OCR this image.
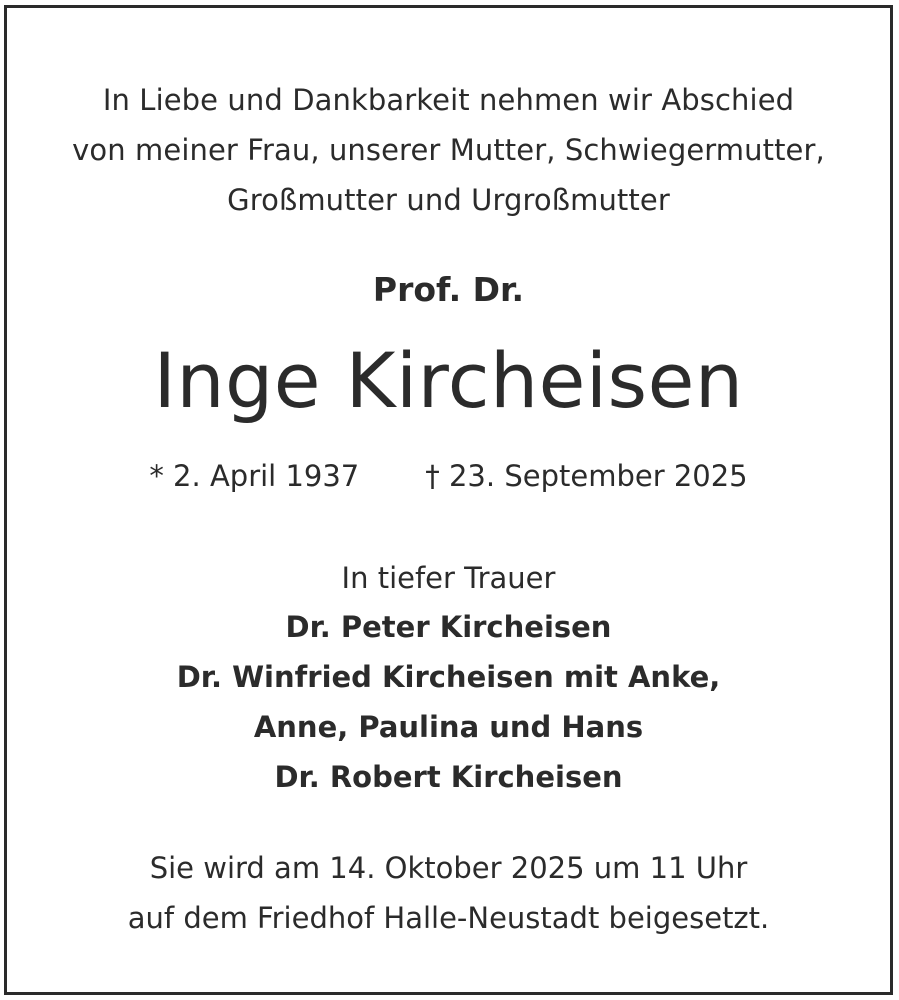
In Liebe und Dankbarkeit nehmen wir Abschied
von meiner Frau, unserer Mutter, Schwiegermutter,
Großmutter und Urgroßmutter
Prof. Dr.
Inge Kircheisen
* 2. April 1937 † 23. September 2025
In tiefer Trauer
Dr. Peter Kircheisen
Dr. Winfried Kircheisen mit Anke,
Anne, Paulina und Hans
Dr. Robert Kircheisen
Sie wird am 14. Oktober 2025 um 11 Uhr
auf dem Friedhof Halle-Neustadt beigesetzt.
